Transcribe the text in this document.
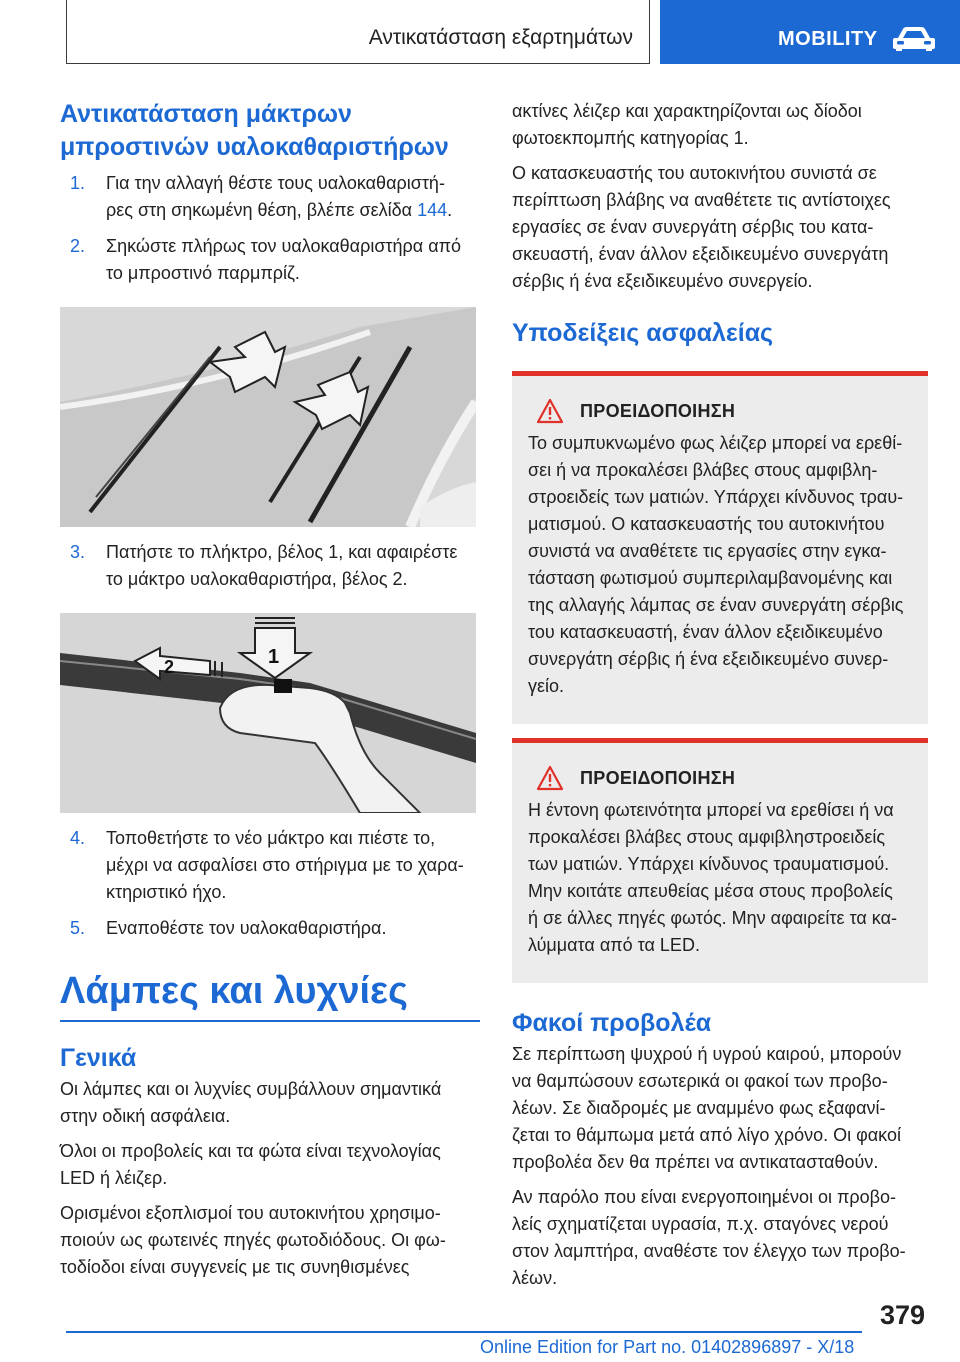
Αντικατάσταση εξαρτημάτων	MOBILITY
Αντικατάσταση μάκτρων
μπροστινών υαλοκαθαριστήρων
1. Για την αλλαγή θέστε τους υαλοκαθαριστή-
ρες στη σηκωμένη θέση, βλέπε σελίδα 144.
2. Σηκώστε πλήρως τον υαλοκαθαριστήρα από
το μπροστινό παρμπρίζ.
3. Πατήστε το πλήκτρο, βέλος 1, και αφαιρέστε
το μάκτρο υαλοκαθαριστήρα, βέλος 2.
1
2
4. Τοποθετήστε το νέο μάκτρο και πιέστε το,
μέχρι να ασφαλίσει στο στήριγμα με το χαρα-
κτηριστικό ήχο.
5. Εναποθέστε τον υαλοκαθαριστήρα.
Λάμπες και λυχνίες
Γενικά
Οι λάμπες και οι λυχνίες συμβάλλουν σημαντικά
στην οδική ασφάλεια.
Όλοι οι προβολείς και τα φώτα είναι τεχνολογίας
LED ή λέιζερ.
Ορισμένοι εξοπλισμοί του αυτοκινήτου χρησιμο-
ποιούν ως φωτεινές πηγές φωτοδιόδους. Οι φω-
τοδίοδοι είναι συγγενείς με τις συνηθισμένες
ακτίνες λέιζερ και χαρακτηρίζονται ως δίοδοι
φωτοεκπομπής κατηγορίας 1.
Ο κατασκευαστής του αυτοκινήτου συνιστά σε
περίπτωση βλάβης να αναθέτετε τις αντίστοιχες
εργασίες σε έναν συνεργάτη σέρβις του κατα-
σκευαστή, έναν άλλον εξειδικευμένο συνεργάτη
σέρβις ή ένα εξειδικευμένο συνεργείο.
Υποδείξεις ασφαλείας
ΠΡΟΕΙΔΟΠΟΙΗΣΗ
Το συμπυκνωμένο φως λέιζερ μπορεί να ερεθί-
σει ή να προκαλέσει βλάβες στους αμφιβλη-
στροειδείς των ματιών. Υπάρχει κίνδυνος τραυ-
ματισμού. Ο κατασκευαστής του αυτοκινήτου
συνιστά να αναθέτετε τις εργασίες στην εγκα-
τάσταση φωτισμού συμπεριλαμβανομένης και
της αλλαγής λάμπας σε έναν συνεργάτη σέρβις
του κατασκευαστή, έναν άλλον εξειδικευμένο
συνεργάτη σέρβις ή ένα εξειδικευμένο συνερ-
γείο.
ΠΡΟΕΙΔΟΠΟΙΗΣΗ
Η έντονη φωτεινότητα μπορεί να ερεθίσει ή να
προκαλέσει βλάβες στους αμφιβληστροειδείς
των ματιών. Υπάρχει κίνδυνος τραυματισμού.
Μην κοιτάτε απευθείας μέσα στους προβολείς
ή σε άλλες πηγές φωτός. Μην αφαιρείτε τα κα-
λύμματα από τα LED.
Φακοί προβολέα
Σε περίπτωση ψυχρού ή υγρού καιρού, μπορούν
να θαμπώσουν εσωτερικά οι φακοί των προβο-
λέων. Σε διαδρομές με αναμμένο φως εξαφανί-
ζεται το θάμπωμα μετά από λίγο χρόνο. Οι φακοί
προβολέα δεν θα πρέπει να αντικατασταθούν.
Αν παρόλο που είναι ενεργοποιημένοι οι προβο-
λείς σχηματίζεται υγρασία, π.χ. σταγόνες νερού
στον λαμπτήρα, αναθέστε τον έλεγχο των προβο-
λέων.
379
Online Edition for Part no. 01402896897 - X/18
